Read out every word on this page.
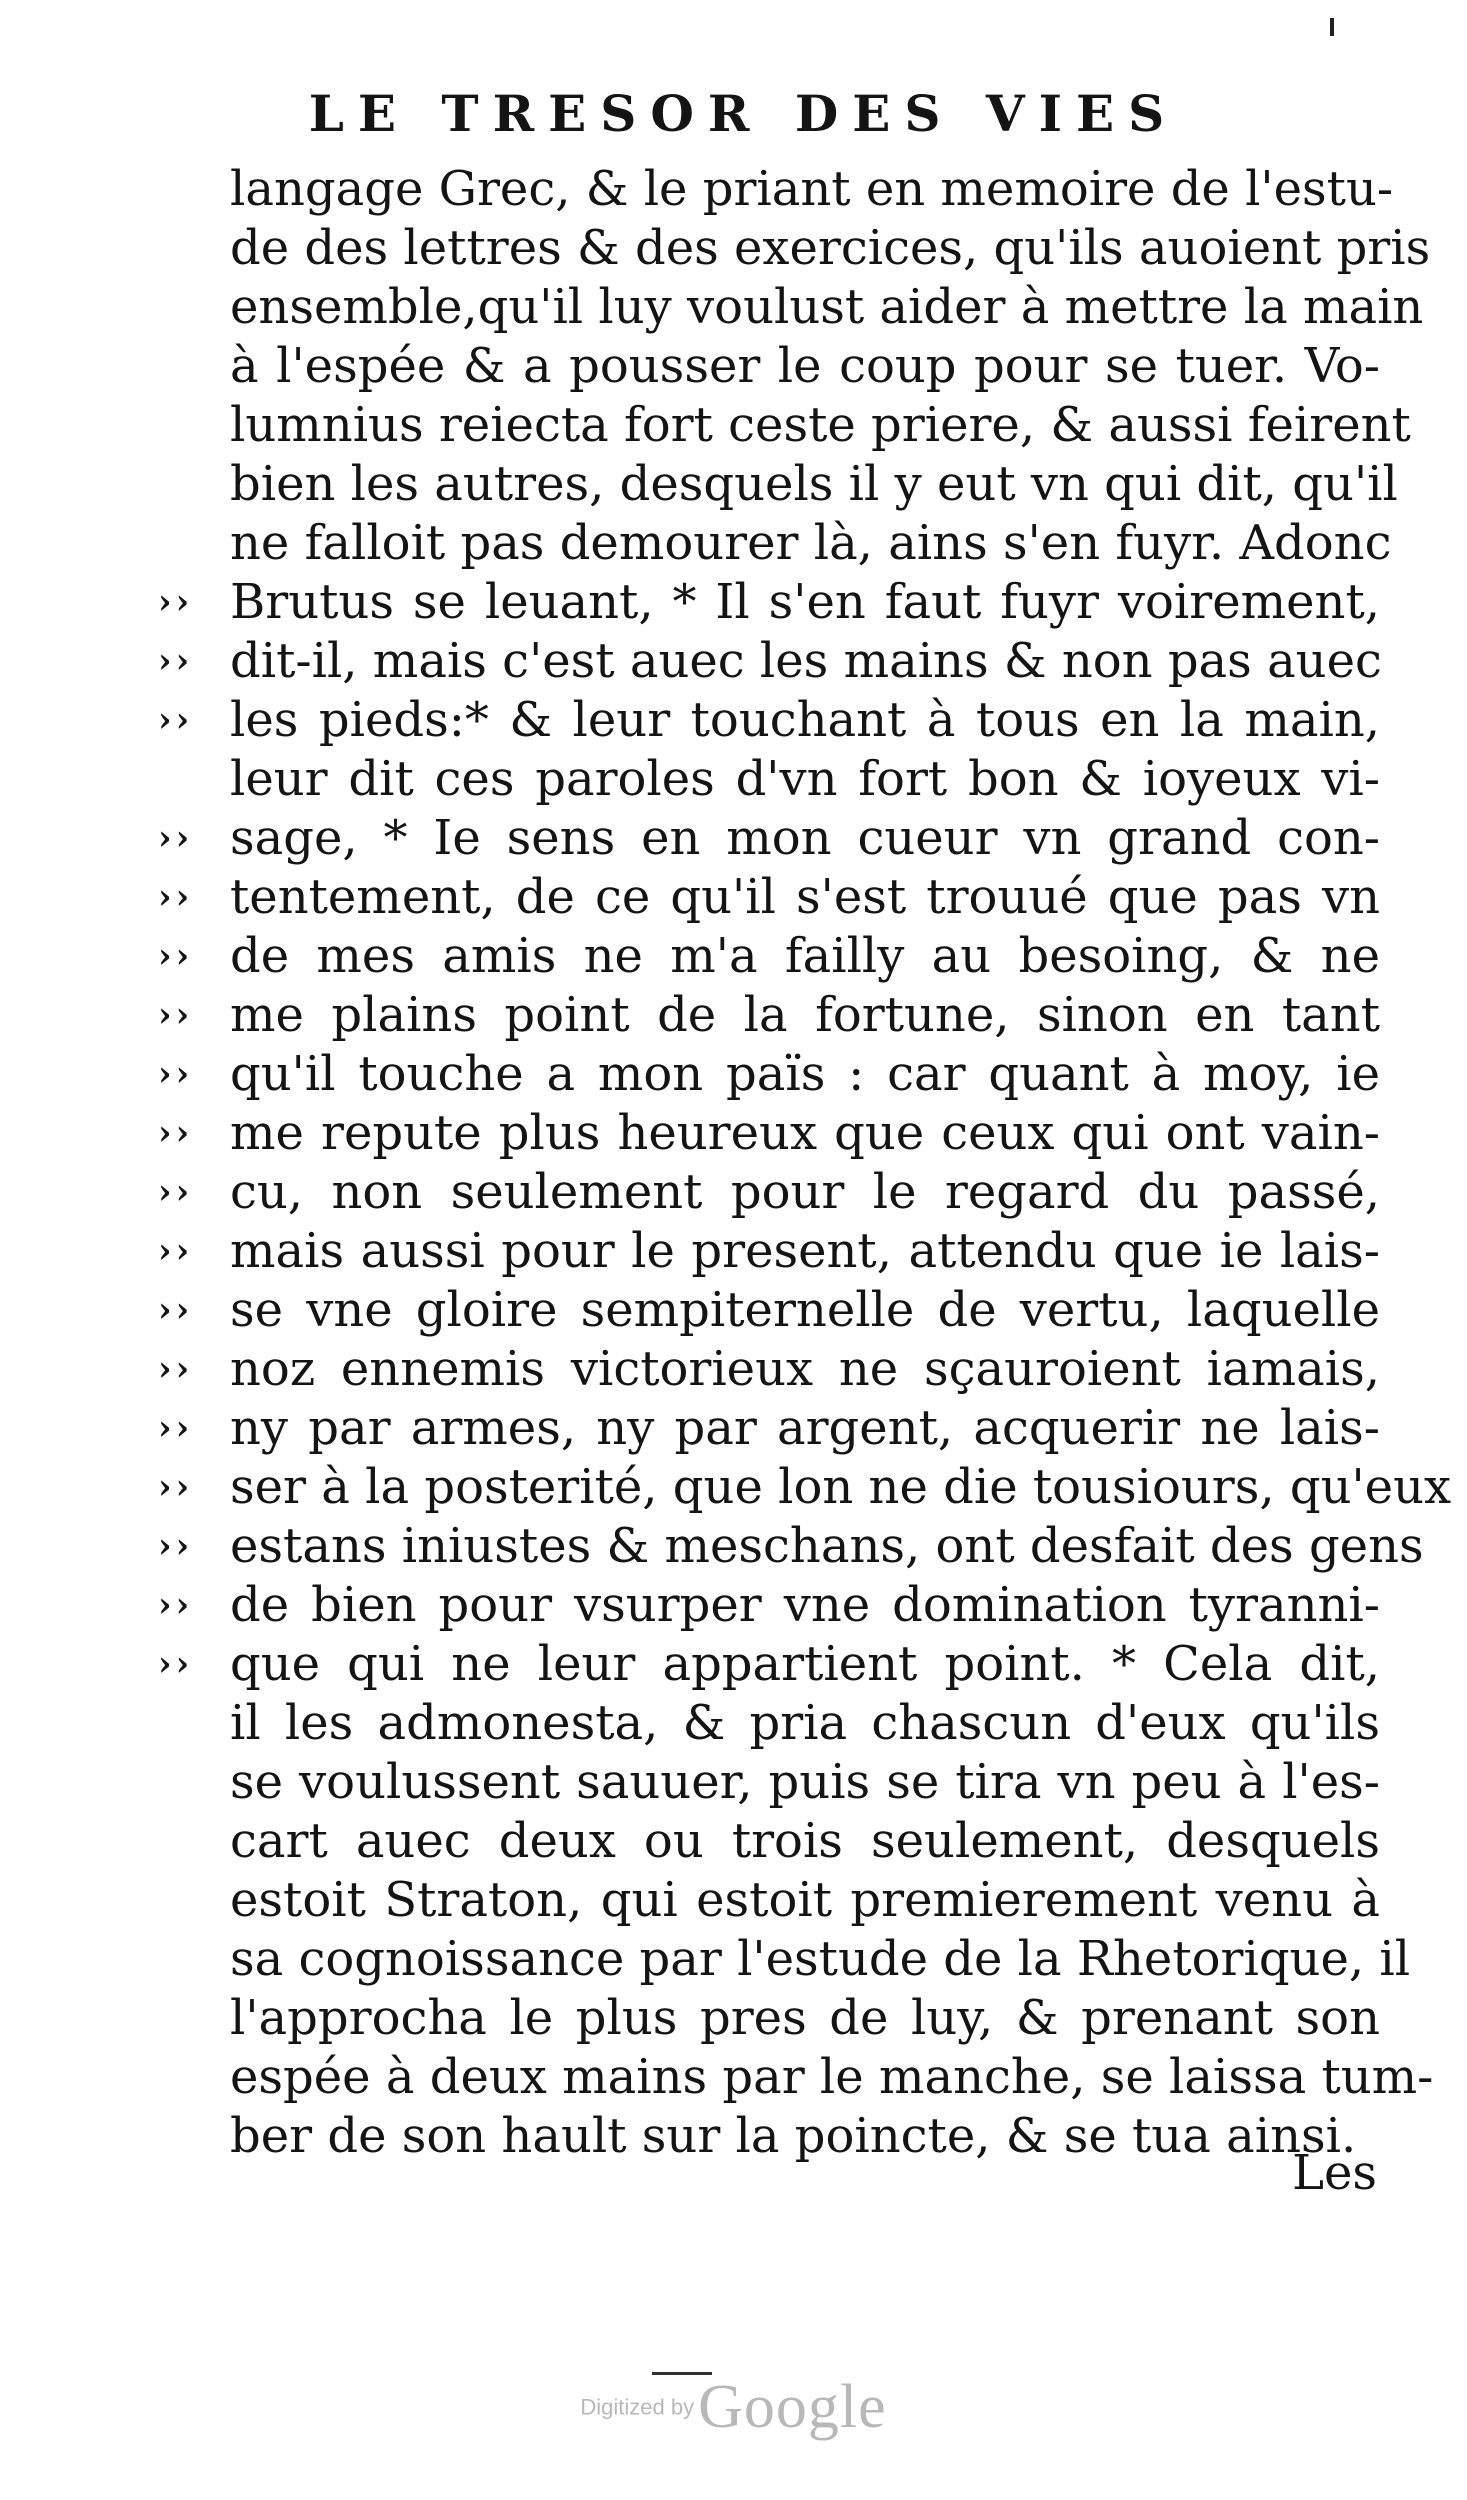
LE TRESOR DES VIES
langage Grec, & le priant en memoire de l'estu-
de des lettres & des exercices, qu'ils auoient pris
ensemble,qu'il luy voulust aider à mettre la main
à l'espée & a pousser le coup pour se tuer. Vo-
lumnius reiecta fort ceste priere, & aussi feirent
bien les autres, desquels il y eut vn qui dit, qu'il
ne falloit pas demourer là, ains s'en fuyr. Adonc
›› Brutus se leuant, * Il s'en faut fuyr voirement,
›› dit-il, mais c'est auec les mains & non pas auec
›› les pieds:* & leur touchant à tous en la main,
leur dit ces paroles d'vn fort bon & ioyeux vi-
›› sage, * Ie sens en mon cueur vn grand con-
›› tentement, de ce qu'il s'est trouué que pas vn
›› de mes amis ne m'a failly au besoing, & ne
›› me plains point de la fortune, sinon en tant
›› qu'il touche a mon païs : car quant à moy, ie
›› me repute plus heureux que ceux qui ont vain-
›› cu, non seulement pour le regard du passé,
›› mais aussi pour le present, attendu que ie lais-
›› se vne gloire sempiternelle de vertu, laquelle
›› noz ennemis victorieux ne sçauroient iamais,
›› ny par armes, ny par argent, acquerir ne lais-
›› ser à la posterité, que lon ne die tousiours, qu'eux
›› estans iniustes & meschans, ont desfait des gens
›› de bien pour vsurper vne domination tyranni-
›› que qui ne leur appartient point. * Cela dit,
il les admonesta, & pria chascun d'eux qu'ils
se voulussent sauuer, puis se tira vn peu à l'es-
cart auec deux ou trois seulement, desquels
estoit Straton, qui estoit premierement venu à
sa cognoissance par l'estude de la Rhetorique, il
l'approcha le plus pres de luy, & prenant son
espée à deux mains par le manche, se laissa tum-
ber de son hault sur la poincte, & se tua ainsi.
Les
Digitized by Google
